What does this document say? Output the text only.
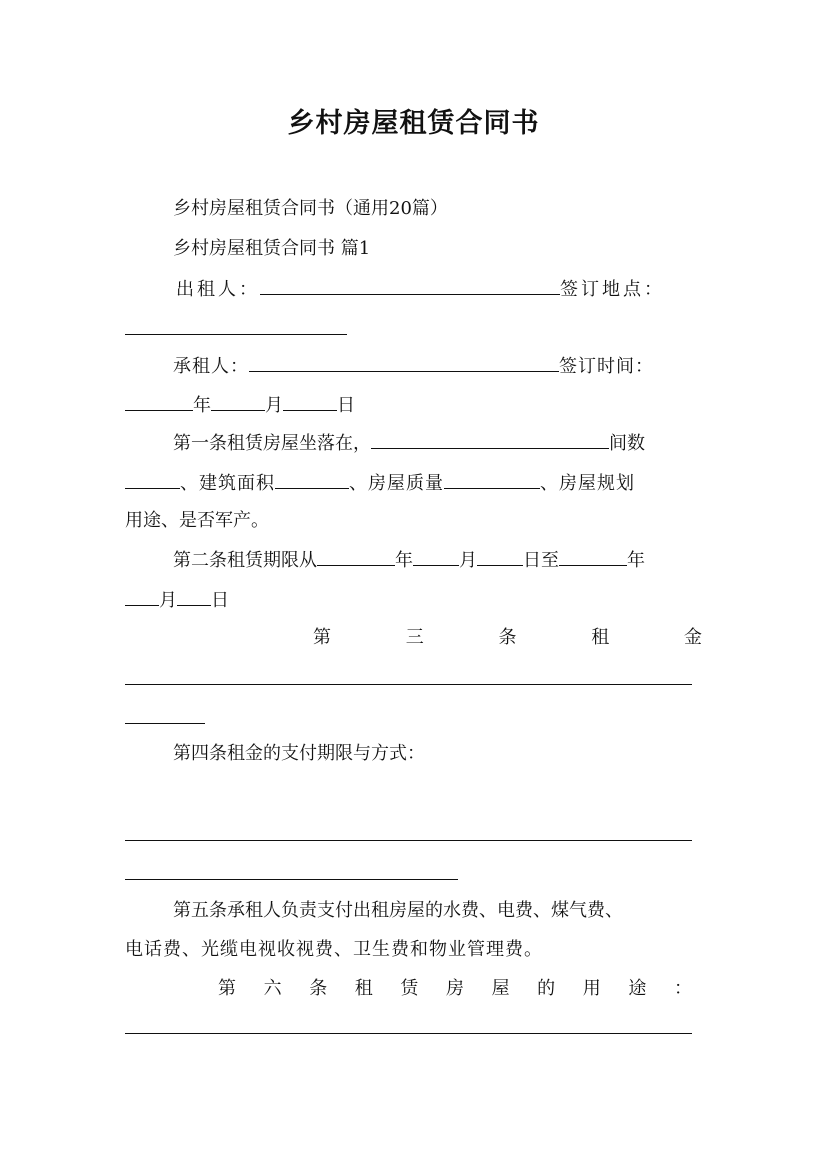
乡村房屋租赁合同书
乡村房屋租赁合同书（通用20篇）
乡村房屋租赁合同书 篇1
出租人：	签订地点：
承租人：	签订时间：
年	月	日
第一条租赁房屋坐落在，	间数
、建筑面积	、房屋质量	、房屋规划
用途、是否军产。
第二条租赁期限从	年	月	日至	年
月 日
第	三	条	租	金
第四条租金的支付期限与方式：
第五条承租人负责支付出租房屋的水费、电费、煤气费、
电话费、光缆电视收视费、卫生费和物业管理费。
第 六 条 租 赁 房 屋 的 用 途 ：
